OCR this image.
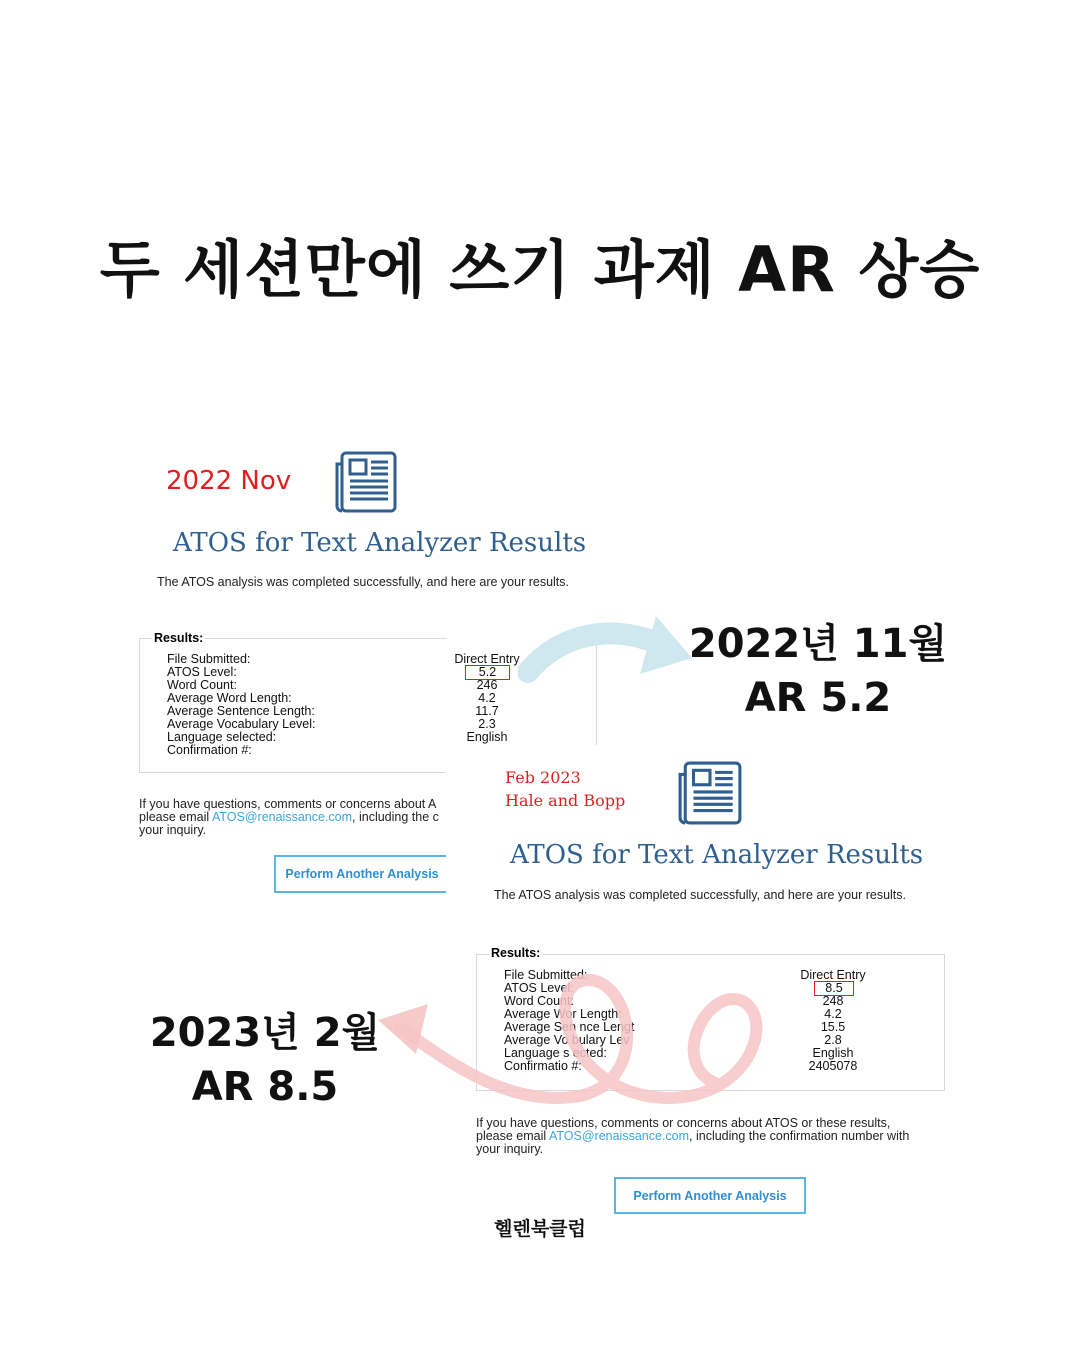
두 세션만에 쓰기 과제 AR 상승
2022 Nov
ATOS for Text Analyzer Results
The ATOS analysis was completed successfully, and here are your results.
Results:
File Submitted:	Direct Entry
ATOS Level:	5.2
Word Count:	246
Average Word Length:	4.2
Average Sentence Length:	11.7
Average Vocabulary Level:	2.3
Language selected:	English
Confirmation #:
If you have questions, comments or concerns about A
please email ATOS@renaissance.com, including the c
your inquiry.
Perform Another Analysis
2022년 11월
AR 5.2
Feb 2023
Hale and Bopp
ATOS for Text Analyzer Results
The ATOS analysis was completed successfully, and here are your results.
Results:
File Submitted:	Direct Entry
ATOS Level:	8.5
Word Count:	248
Average Wor Length:	4.2
Average Sen nce Lengt	15.5
Average Vo bulary Lev	2.8
Language s ected:	English
Confirmatio #:	2405078
If you have questions, comments or concerns about ATOS or these results,
please email ATOS@renaissance.com, including the confirmation number with
your inquiry.
Perform Another Analysis
2023년 2월
AR 8.5
헬렌북클럽
